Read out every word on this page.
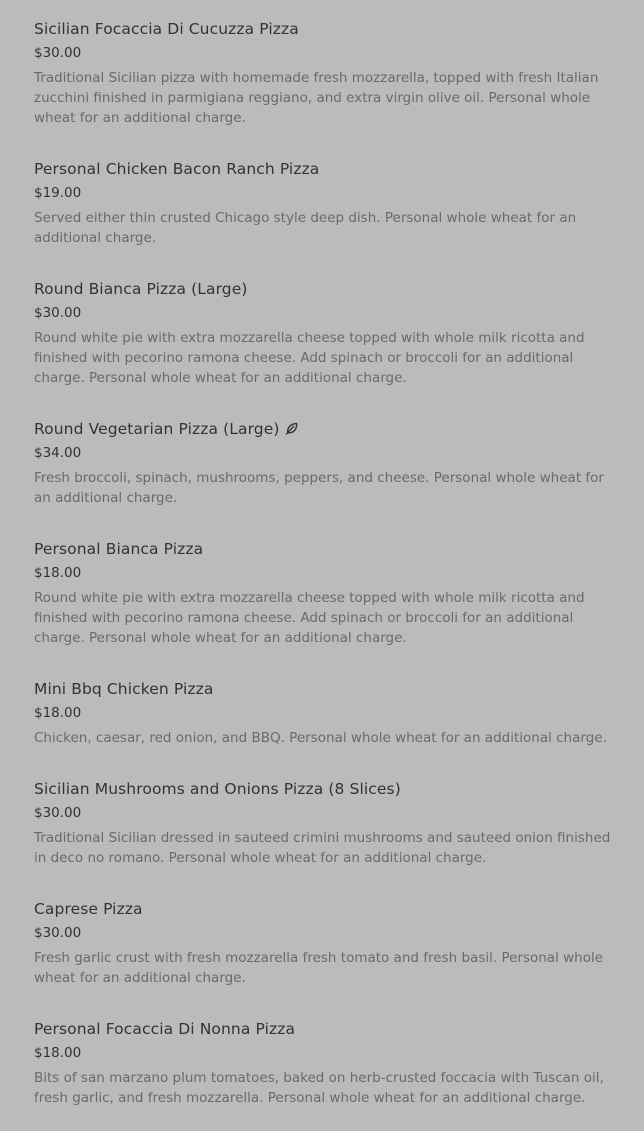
Sicilian Focaccia Di Cucuzza Pizza
$30.00
Traditional Sicilian pizza with homemade fresh mozzarella, topped with fresh Italian zucchini finished in parmigiana reggiano, and extra virgin olive oil. Personal whole wheat for an additional charge.
Personal Chicken Bacon Ranch Pizza
$19.00
Served either thin crusted Chicago style deep dish. Personal whole wheat for an additional charge.
Round Bianca Pizza (Large)
$30.00
Round white pie with extra mozzarella cheese topped with whole milk ricotta and finished with pecorino ramona cheese. Add spinach or broccoli for an additional charge. Personal whole wheat for an additional charge.
Round Vegetarian Pizza (Large)
$34.00
Fresh broccoli, spinach, mushrooms, peppers, and cheese. Personal whole wheat for an additional charge.
Personal Bianca Pizza
$18.00
Round white pie with extra mozzarella cheese topped with whole milk ricotta and finished with pecorino ramona cheese. Add spinach or broccoli for an additional charge. Personal whole wheat for an additional charge.
Mini Bbq Chicken Pizza
$18.00
Chicken, caesar, red onion, and BBQ. Personal whole wheat for an additional charge.
Sicilian Mushrooms and Onions Pizza (8 Slices)
$30.00
Traditional Sicilian dressed in sauteed crimini mushrooms and sauteed onion finished in deco no romano. Personal whole wheat for an additional charge.
Caprese Pizza
$30.00
Fresh garlic crust with fresh mozzarella fresh tomato and fresh basil. Personal whole wheat for an additional charge.
Personal Focaccia Di Nonna Pizza
$18.00
Bits of san marzano plum tomatoes, baked on herb-crusted foccacia with Tuscan oil, fresh garlic, and fresh mozzarella. Personal whole wheat for an additional charge.
